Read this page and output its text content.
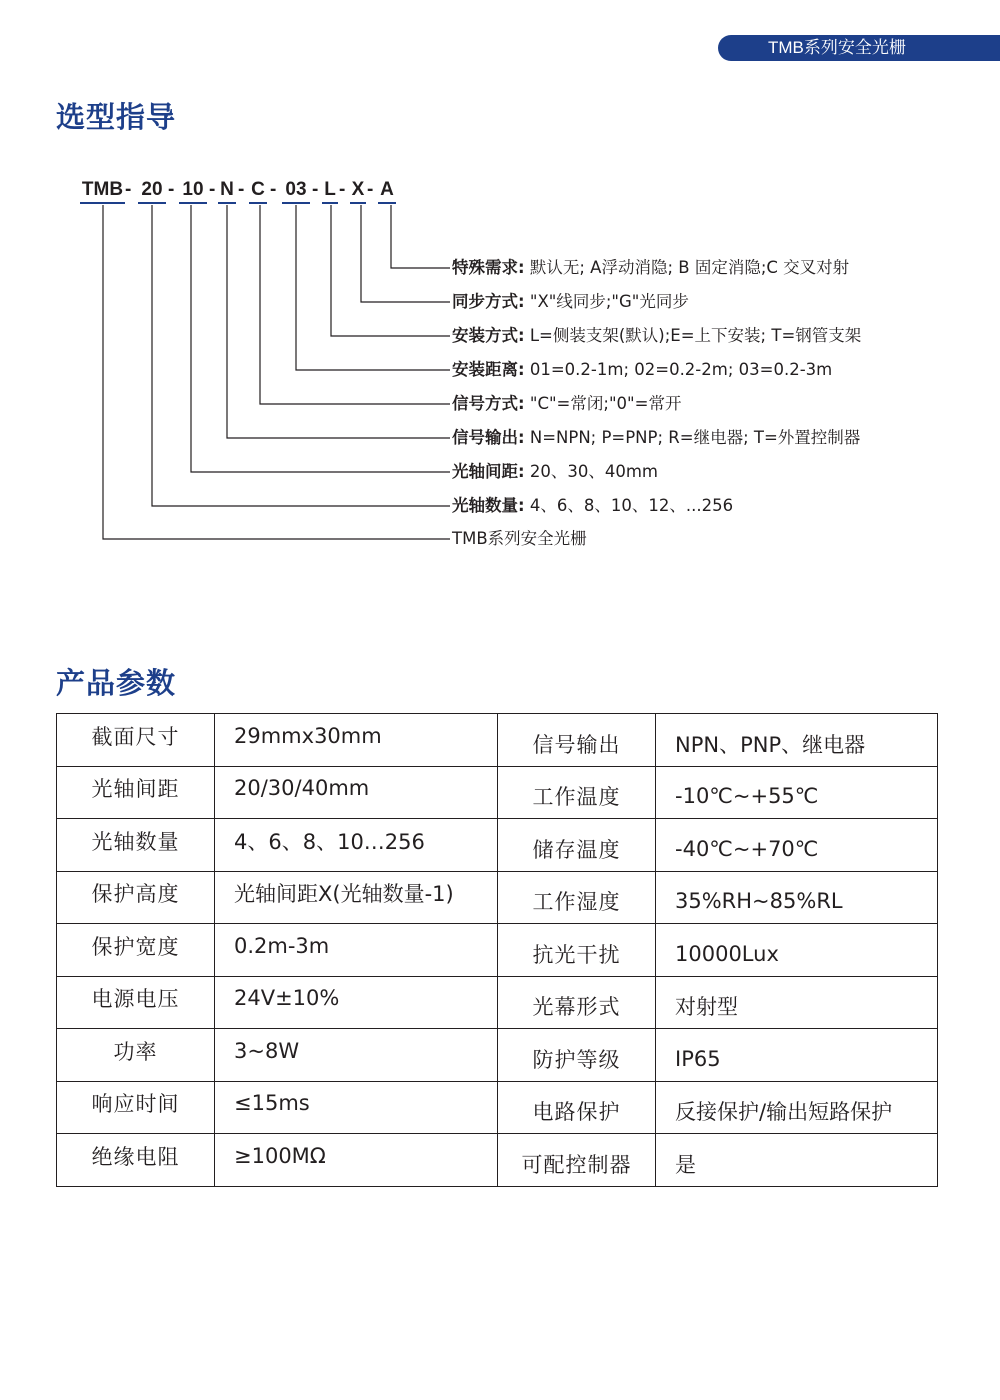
TMB系列安全光栅
选型指导
TMB - 20 - 10 - N - C - 03 - L - X - A
特殊需求: 默认无; A浮动消隐; B 固定消隐;C 交叉对射
同步方式: "X"线同步;"G"光同步
安装方式: L=侧装支架(默认);E=上下安装; T=钢管支架
安装距离: 01=0.2-1m; 02=0.2-2m; 03=0.2-3m
信号方式: "C"=常闭;"0"=常开
信号输出: N=NPN; P=PNP; R=继电器; T=外置控制器
光轴间距: 20、30、40mm
光轴数量: 4、6、8、10、12、...256
TMB系列安全光栅
产品参数
截面尺寸	29mmx30mm	信号输出	NPN、PNP、继电器
光轴间距	20/30/40mm	工作温度	-10℃~+55℃
光轴数量	4、6、8、10…256	储存温度	-40℃~+70℃
保护高度	光轴间距X(光轴数量-1)	工作湿度	35%RH~85%RL
保护宽度	0.2m-3m	抗光干扰	10000Lux
电源电压	24V±10%	光幕形式	对射型
功率	3~8W	防护等级	IP65
响应时间	≤15ms	电路保护	反接保护/输出短路保护
绝缘电阻	≥100MΩ	可配控制器	是
